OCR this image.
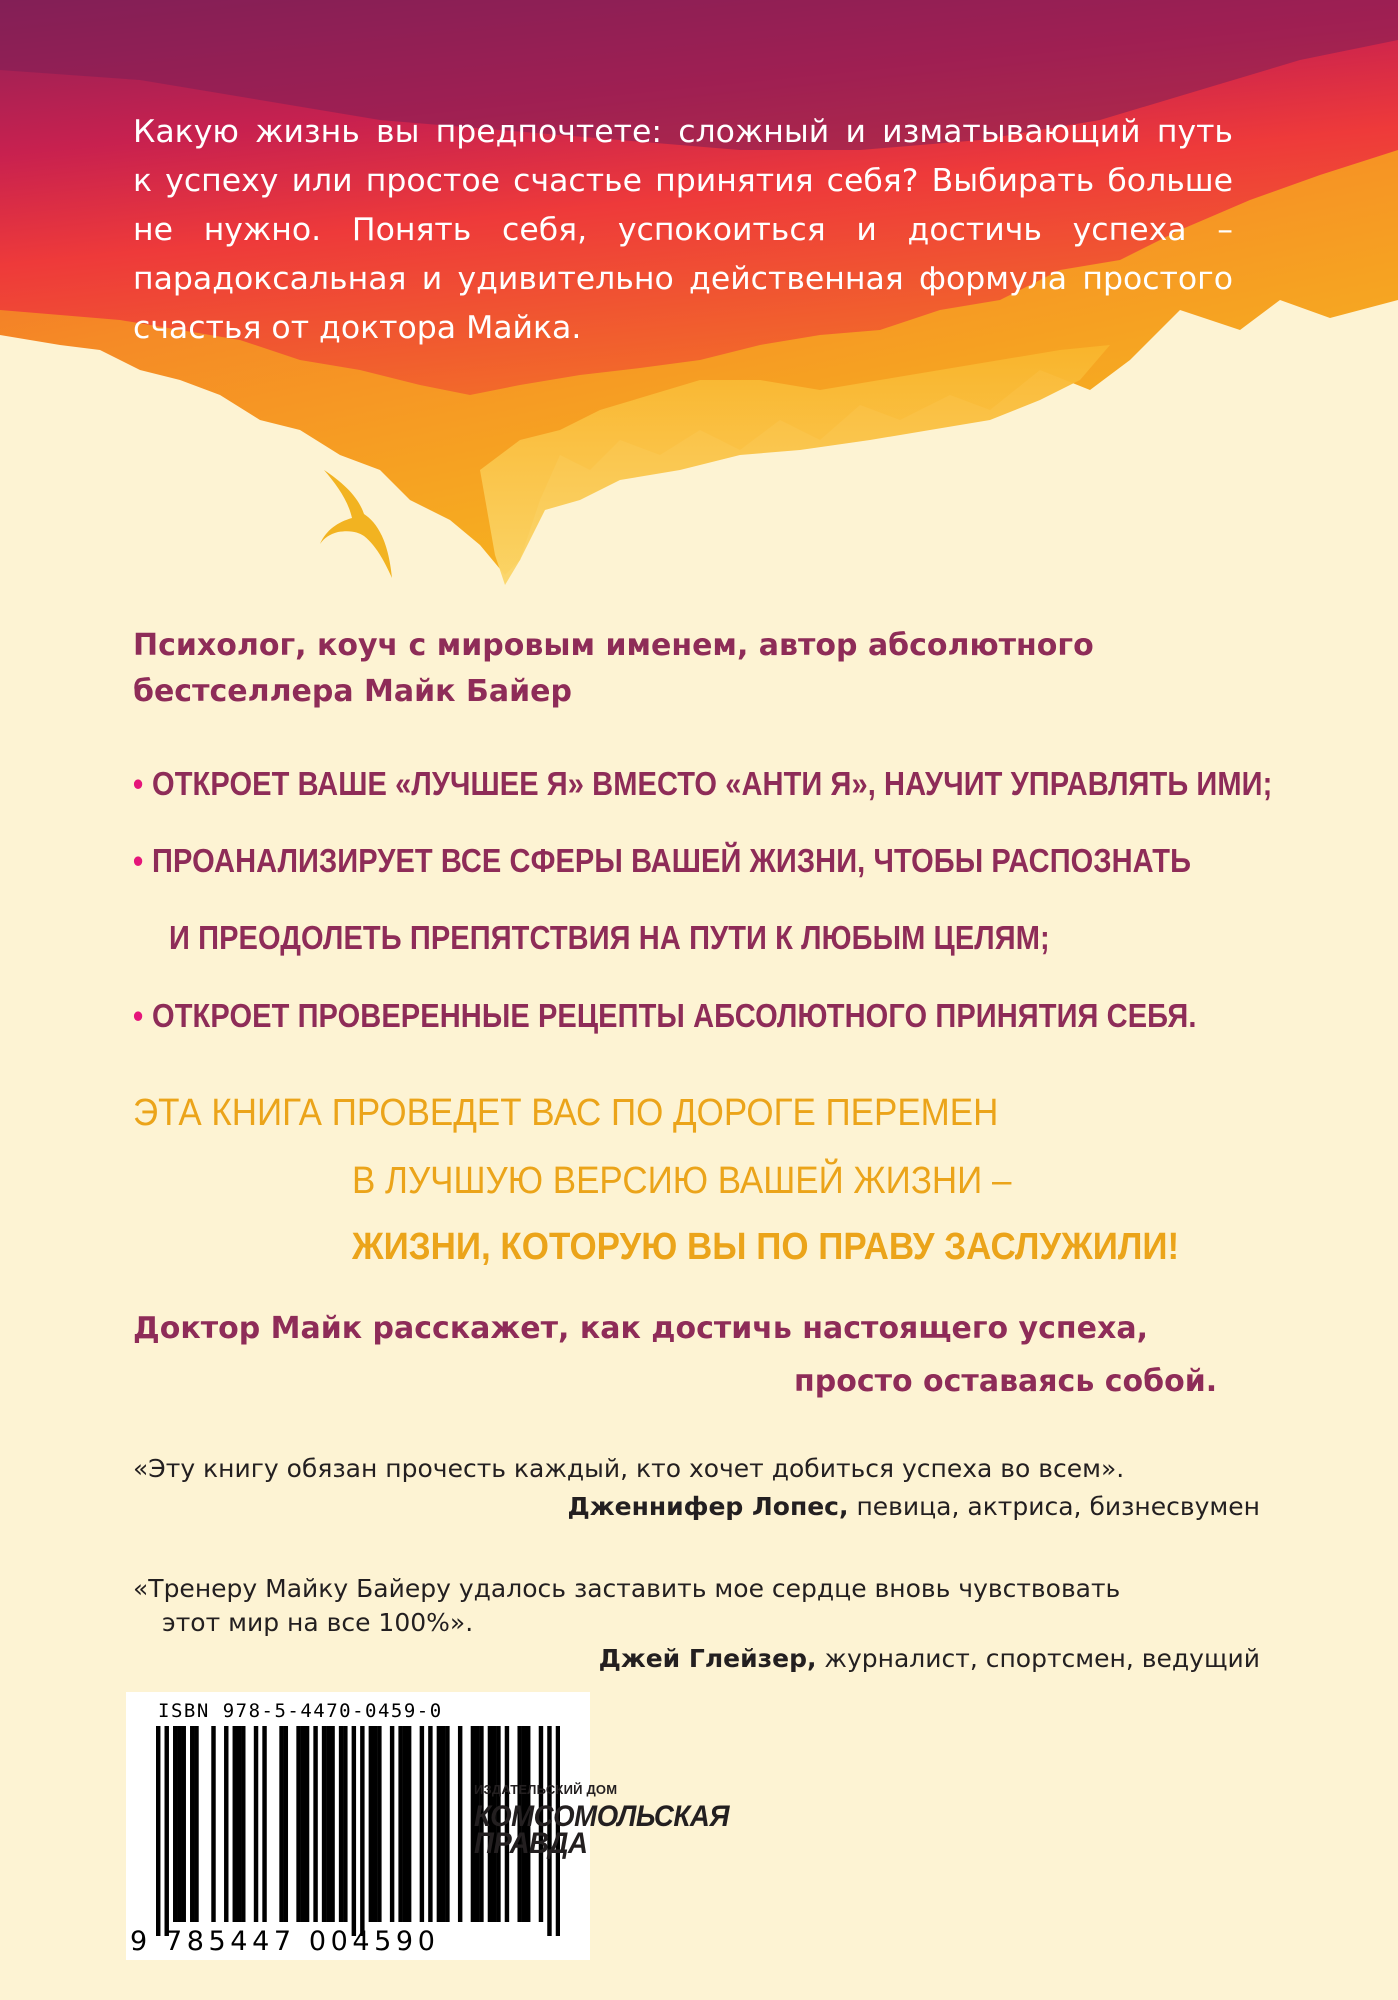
Какую жизнь вы предпочтете: сложный и изматывающий путь
к успеху или простое счастье принятия себя? Выбирать больше
не нужно. Понять себя, успокоиться и достичь успеха –
парадоксальная и удивительно действенная формула простого
счастья от доктора Майка.
Психолог, коуч с мировым именем, автор абсолютного
бестселлера Майк Байер
• ОТКРОЕТ ВАШЕ «ЛУЧШЕЕ Я» ВМЕСТО «АНТИ Я», НАУЧИТ УПРАВЛЯТЬ ИМИ;
• ПРОАНАЛИЗИРУЕТ ВСЕ СФЕРЫ ВАШЕЙ ЖИЗНИ, ЧТОБЫ РАСПОЗНАТЬ
И ПРЕОДОЛЕТЬ ПРЕПЯТСТВИЯ НА ПУТИ К ЛЮБЫМ ЦЕЛЯМ;
• ОТКРОЕТ ПРОВЕРЕННЫЕ РЕЦЕПТЫ АБСОЛЮТНОГО ПРИНЯТИЯ СЕБЯ.
ЭТА КНИГА ПРОВЕДЕТ ВАС ПО ДОРОГЕ ПЕРЕМЕН
В ЛУЧШУЮ ВЕРСИЮ ВАШЕЙ ЖИЗНИ –
ЖИЗНИ, КОТОРУЮ ВЫ ПО ПРАВУ ЗАСЛУЖИЛИ!
Доктор Майк расскажет, как достичь настоящего успеха,
просто оставаясь собой.
«Эту книгу обязан прочесть каждый, кто хочет добиться успеха во всем».
Дженнифер Лопес, певица, актриса, бизнесвумен
«Тренеру Майку Байеру удалось заставить мое сердце вновь чувствовать
этот мир на все 100%».
Джей Глейзер, журналист, спортсмен, ведущий
ISBN 978-5-4470-0459-0
9 785447 004590
ИЗДАТЕЛЬСКИЙ ДОМ
КОМСОМОЛЬСКАЯ
ПРАВДА
